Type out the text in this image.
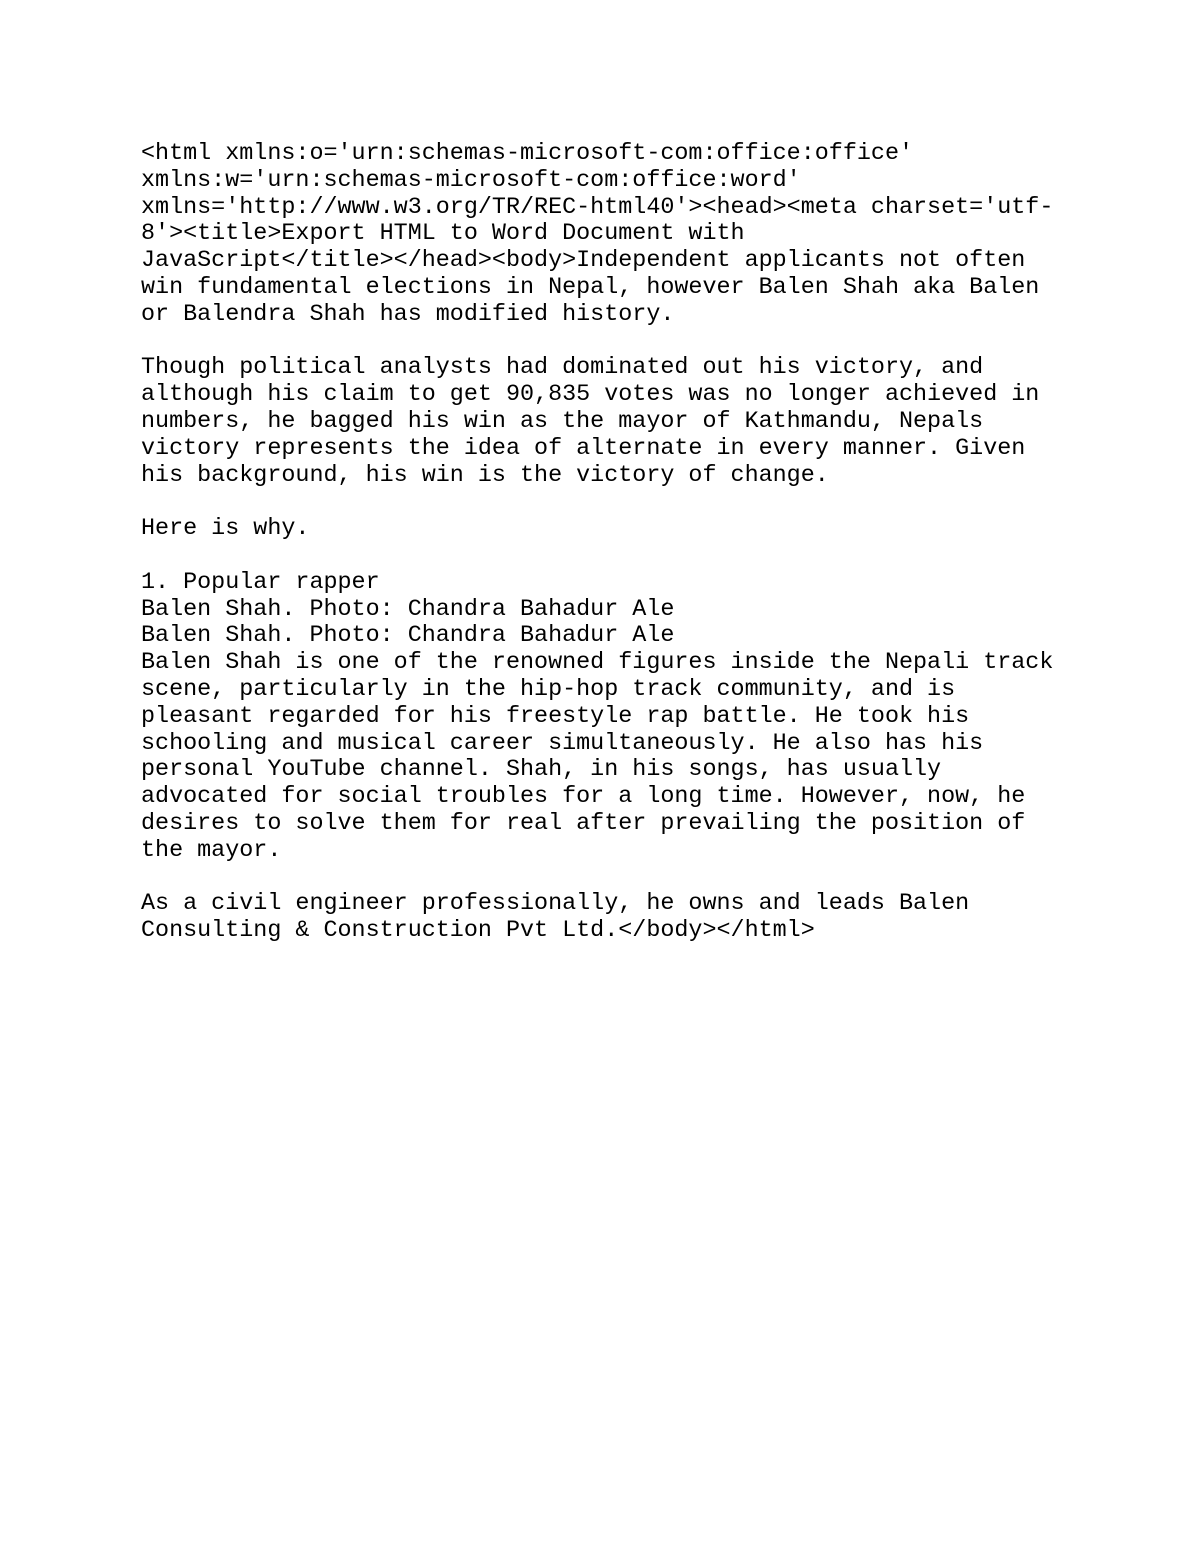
<html xmlns:o='urn:schemas-microsoft-com:office:office'
xmlns:w='urn:schemas-microsoft-com:office:word'
xmlns='http://www.w3.org/TR/REC-html40'><head><meta charset='utf-
8'><title>Export HTML to Word Document with
JavaScript</title></head><body>Independent applicants not often
win fundamental elections in Nepal, however Balen Shah aka Balen
or Balendra Shah has modified history.
Though political analysts had dominated out his victory, and
although his claim to get 90,835 votes was no longer achieved in
numbers, he bagged his win as the mayor of Kathmandu, Nepals
victory represents the idea of alternate in every manner. Given
his background, his win is the victory of change.
Here is why.
1. Popular rapper
Balen Shah. Photo: Chandra Bahadur Ale
Balen Shah. Photo: Chandra Bahadur Ale
Balen Shah is one of the renowned figures inside the Nepali track
scene, particularly in the hip-hop track community, and is
pleasant regarded for his freestyle rap battle. He took his
schooling and musical career simultaneously. He also has his
personal YouTube channel. Shah, in his songs, has usually
advocated for social troubles for a long time. However, now, he
desires to solve them for real after prevailing the position of
the mayor.
As a civil engineer professionally, he owns and leads Balen
Consulting & Construction Pvt Ltd.</body></html>
